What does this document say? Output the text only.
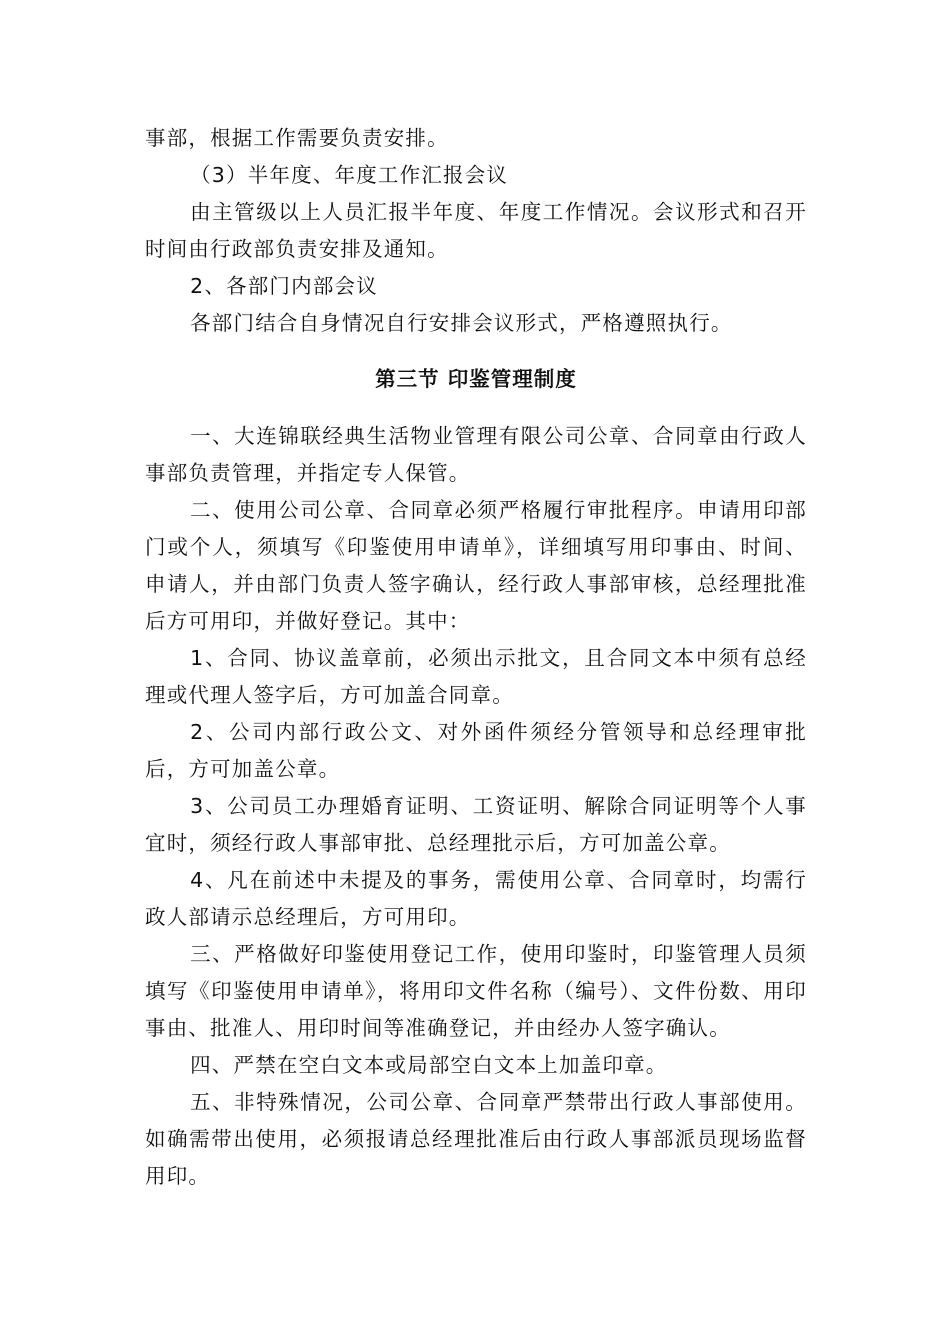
事部，根据工作需要负责安排。

（3）半年度、年度工作汇报会议

由主管级以上人员汇报半年度、年度工作情况。会议形式和召开时间由行政部负责安排及通知。

2、各部门内部会议

各部门结合自身情况自行安排会议形式，严格遵照执行。

第三节 印鉴管理制度

一、大连锦联经典生活物业管理有限公司公章、合同章由行政人事部负责管理，并指定专人保管。

二、使用公司公章、合同章必须严格履行审批程序。申请用印部门或个人，须填写《印鉴使用申请单》，详细填写用印事由、时间、申请人，并由部门负责人签字确认，经行政人事部审核，总经理批准后方可用印，并做好登记。其中：

1、合同、协议盖章前，必须出示批文，且合同文本中须有总经理或代理人签字后，方可加盖合同章。

2、公司内部行政公文、对外函件须经分管领导和总经理审批后，方可加盖公章。

3、公司员工办理婚育证明、工资证明、解除合同证明等个人事宜时，须经行政人事部审批、总经理批示后，方可加盖公章。

4、凡在前述中未提及的事务，需使用公章、合同章时，均需行政人部请示总经理后，方可用印。

三、严格做好印鉴使用登记工作，使用印鉴时，印鉴管理人员须填写《印鉴使用申请单》，将用印文件名称（编号）、文件份数、用印事由、批准人、用印时间等准确登记，并由经办人签字确认。

四、严禁在空白文本或局部空白文本上加盖印章。

五、非特殊情况，公司公章、合同章严禁带出行政人事部使用。如确需带出使用，必须报请总经理批准后由行政人事部派员现场监督用印。
